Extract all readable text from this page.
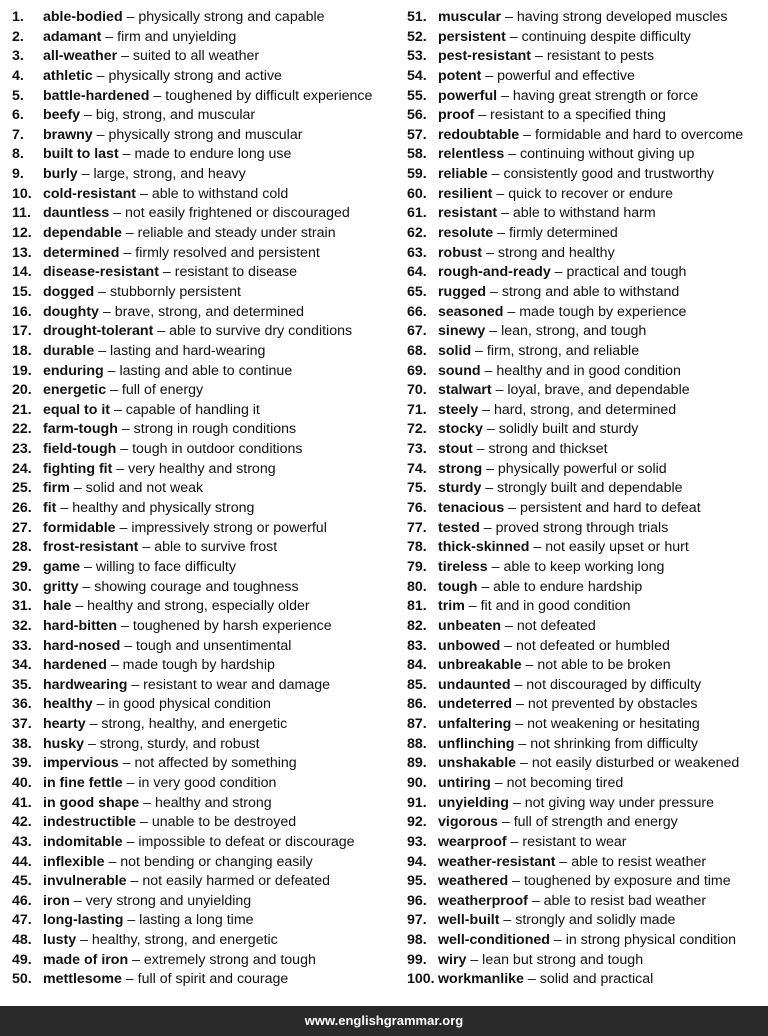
1. able-bodied – physically strong and capable
2. adamant – firm and unyielding
3. all-weather – suited to all weather
4. athletic – physically strong and active
5. battle-hardened – toughened by difficult experience
6. beefy – big, strong, and muscular
7. brawny – physically strong and muscular
8. built to last – made to endure long use
9. burly – large, strong, and heavy
10. cold-resistant – able to withstand cold
11. dauntless – not easily frightened or discouraged
12. dependable – reliable and steady under strain
13. determined – firmly resolved and persistent
14. disease-resistant – resistant to disease
15. dogged – stubbornly persistent
16. doughty – brave, strong, and determined
17. drought-tolerant – able to survive dry conditions
18. durable – lasting and hard-wearing
19. enduring – lasting and able to continue
20. energetic – full of energy
21. equal to it – capable of handling it
22. farm-tough – strong in rough conditions
23. field-tough – tough in outdoor conditions
24. fighting fit – very healthy and strong
25. firm – solid and not weak
26. fit – healthy and physically strong
27. formidable – impressively strong or powerful
28. frost-resistant – able to survive frost
29. game – willing to face difficulty
30. gritty – showing courage and toughness
31. hale – healthy and strong, especially older
32. hard-bitten – toughened by harsh experience
33. hard-nosed – tough and unsentimental
34. hardened – made tough by hardship
35. hardwearing – resistant to wear and damage
36. healthy – in good physical condition
37. hearty – strong, healthy, and energetic
38. husky – strong, sturdy, and robust
39. impervious – not affected by something
40. in fine fettle – in very good condition
41. in good shape – healthy and strong
42. indestructible – unable to be destroyed
43. indomitable – impossible to defeat or discourage
44. inflexible – not bending or changing easily
45. invulnerable – not easily harmed or defeated
46. iron – very strong and unyielding
47. long-lasting – lasting a long time
48. lusty – healthy, strong, and energetic
49. made of iron – extremely strong and tough
50. mettlesome – full of spirit and courage
51. muscular – having strong developed muscles
52. persistent – continuing despite difficulty
53. pest-resistant – resistant to pests
54. potent – powerful and effective
55. powerful – having great strength or force
56. proof – resistant to a specified thing
57. redoubtable – formidable and hard to overcome
58. relentless – continuing without giving up
59. reliable – consistently good and trustworthy
60. resilient – quick to recover or endure
61. resistant – able to withstand harm
62. resolute – firmly determined
63. robust – strong and healthy
64. rough-and-ready – practical and tough
65. rugged – strong and able to withstand
66. seasoned – made tough by experience
67. sinewy – lean, strong, and tough
68. solid – firm, strong, and reliable
69. sound – healthy and in good condition
70. stalwart – loyal, brave, and dependable
71. steely – hard, strong, and determined
72. stocky – solidly built and sturdy
73. stout – strong and thickset
74. strong – physically powerful or solid
75. sturdy – strongly built and dependable
76. tenacious – persistent and hard to defeat
77. tested – proved strong through trials
78. thick-skinned – not easily upset or hurt
79. tireless – able to keep working long
80. tough – able to endure hardship
81. trim – fit and in good condition
82. unbeaten – not defeated
83. unbowed – not defeated or humbled
84. unbreakable – not able to be broken
85. undaunted – not discouraged by difficulty
86. undeterred – not prevented by obstacles
87. unfaltering – not weakening or hesitating
88. unflinching – not shrinking from difficulty
89. unshakable – not easily disturbed or weakened
90. untiring – not becoming tired
91. unyielding – not giving way under pressure
92. vigorous – full of strength and energy
93. wearproof – resistant to wear
94. weather-resistant – able to resist weather
95. weathered – toughened by exposure and time
96. weatherproof – able to resist bad weather
97. well-built – strongly and solidly made
98. well-conditioned – in strong physical condition
99. wiry – lean but strong and tough
100. workmanlike – solid and practical
www.englishgrammar.org
